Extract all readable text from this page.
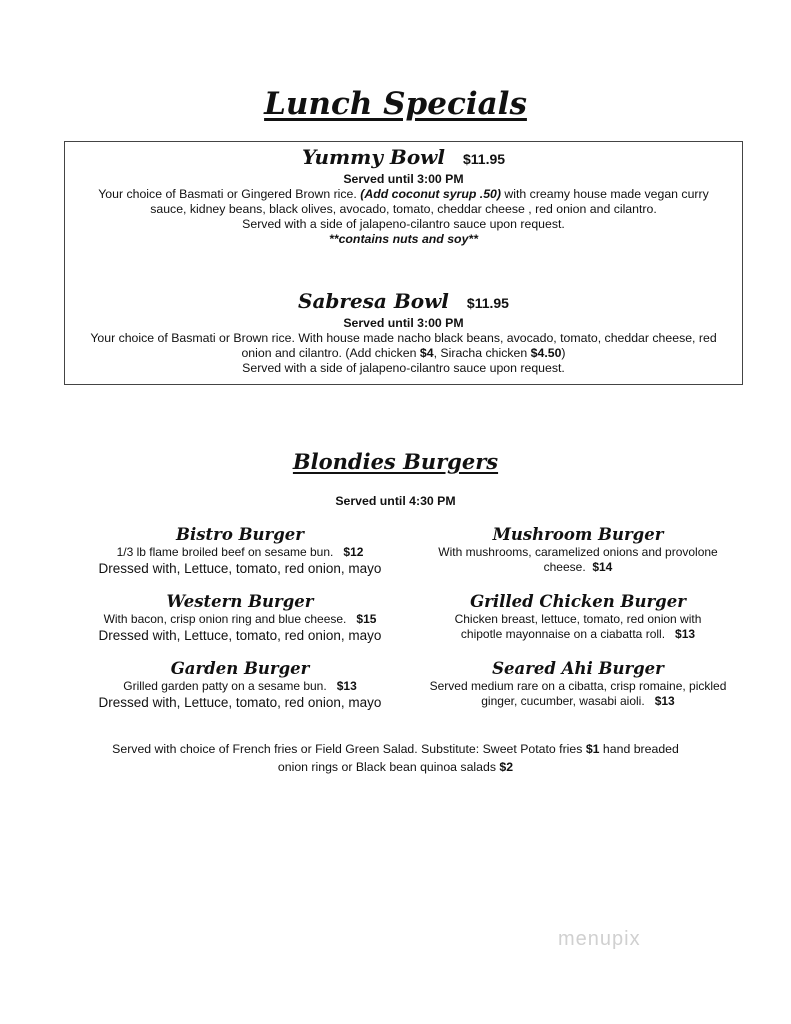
Lunch Specials

Yummy Bowl $11.95

Served until 3:00 PM

Your choice of Basmati or Gingered Brown rice. (Add coconut syrup .50) with creamy house made vegan curry

sauce, kidney beans, black olives, avocado, tomato, cheddar cheese , red onion and cilantro.

Served with a side of jalapeno-cilantro sauce upon request.

**contains nuts and soy**

Sabresa Bowl $11.95

Served until 3:00 PM

Your choice of Basmati or Brown rice. With house made nacho black beans, avocado, tomato, cheddar cheese, red

onion and cilantro. (Add chicken $4, Siracha chicken $4.50)

Served with a side of jalapeno-cilantro sauce upon request.

Blondies Burgers
Served until 4:30 PM

Bistro Burger

1/3 lb flame broiled beef on sesame bun. $12

Dressed with, Lettuce, tomato, red onion, mayo

Mushroom Burger

With mushrooms, caramelized onions and provolone

cheese. $14

Western Burger

With bacon, crisp onion ring and blue cheese. $15

Dressed with, Lettuce, tomato, red onion, mayo

Grilled Chicken Burger

Chicken breast, lettuce, tomato, red onion with

chipotle mayonnaise on a ciabatta roll. $13

Garden Burger

Grilled garden patty on a sesame bun. $13

Dressed with, Lettuce, tomato, red onion, mayo

Seared Ahi Burger

Served medium rare on a cibatta, crisp romaine, pickled

ginger, cucumber, wasabi aioli. $13

Served with choice of French fries or Field Green Salad. Substitute: Sweet Potato fries $1 hand breaded
onion rings or Black bean quinoa salads $2
menupix
